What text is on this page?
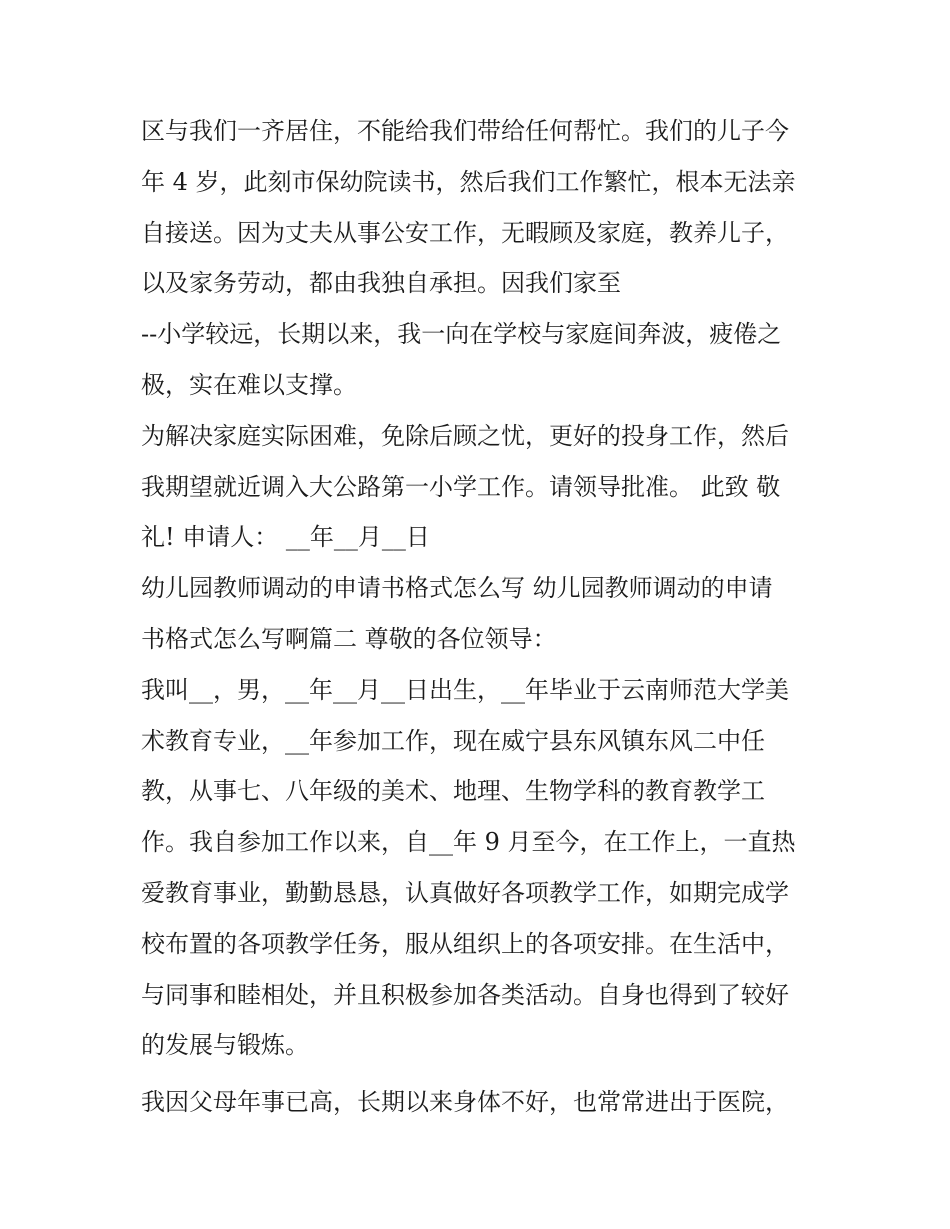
区与我们一齐居住，不能给我们带给任何帮忙。我们的儿子今
年 4 岁，此刻市保幼院读书，然后我们工作繁忙，根本无法亲
自接送。因为丈夫从事公安工作，无暇顾及家庭，教养儿子，
以及家务劳动，都由我独自承担。因我们家至
--小学较远，长期以来，我一向在学校与家庭间奔波，疲倦之
极，实在难以支撑。
为解决家庭实际困难，免除后顾之忧，更好的投身工作，然后
我期望就近调入大公路第一小学工作。请领导批准。 此致 敬
礼! 申请人： __年__月__日
幼儿园教师调动的申请书格式怎么写 幼儿园教师调动的申请
书格式怎么写啊篇二 尊敬的各位领导：
我叫__，男，__年__月__日出生，__年毕业于云南师范大学美
术教育专业，__年参加工作，现在威宁县东风镇东风二中任
教，从事七、八年级的美术、地理、生物学科的教育教学工
作。我自参加工作以来，自__年 9 月至今，在工作上，一直热
爱教育事业，勤勤恳恳，认真做好各项教学工作，如期完成学
校布置的各项教学任务，服从组织上的各项安排。在生活中，
与同事和睦相处，并且积极参加各类活动。自身也得到了较好
的发展与锻炼。
我因父母年事已高，长期以来身体不好，也常常进出于医院，
